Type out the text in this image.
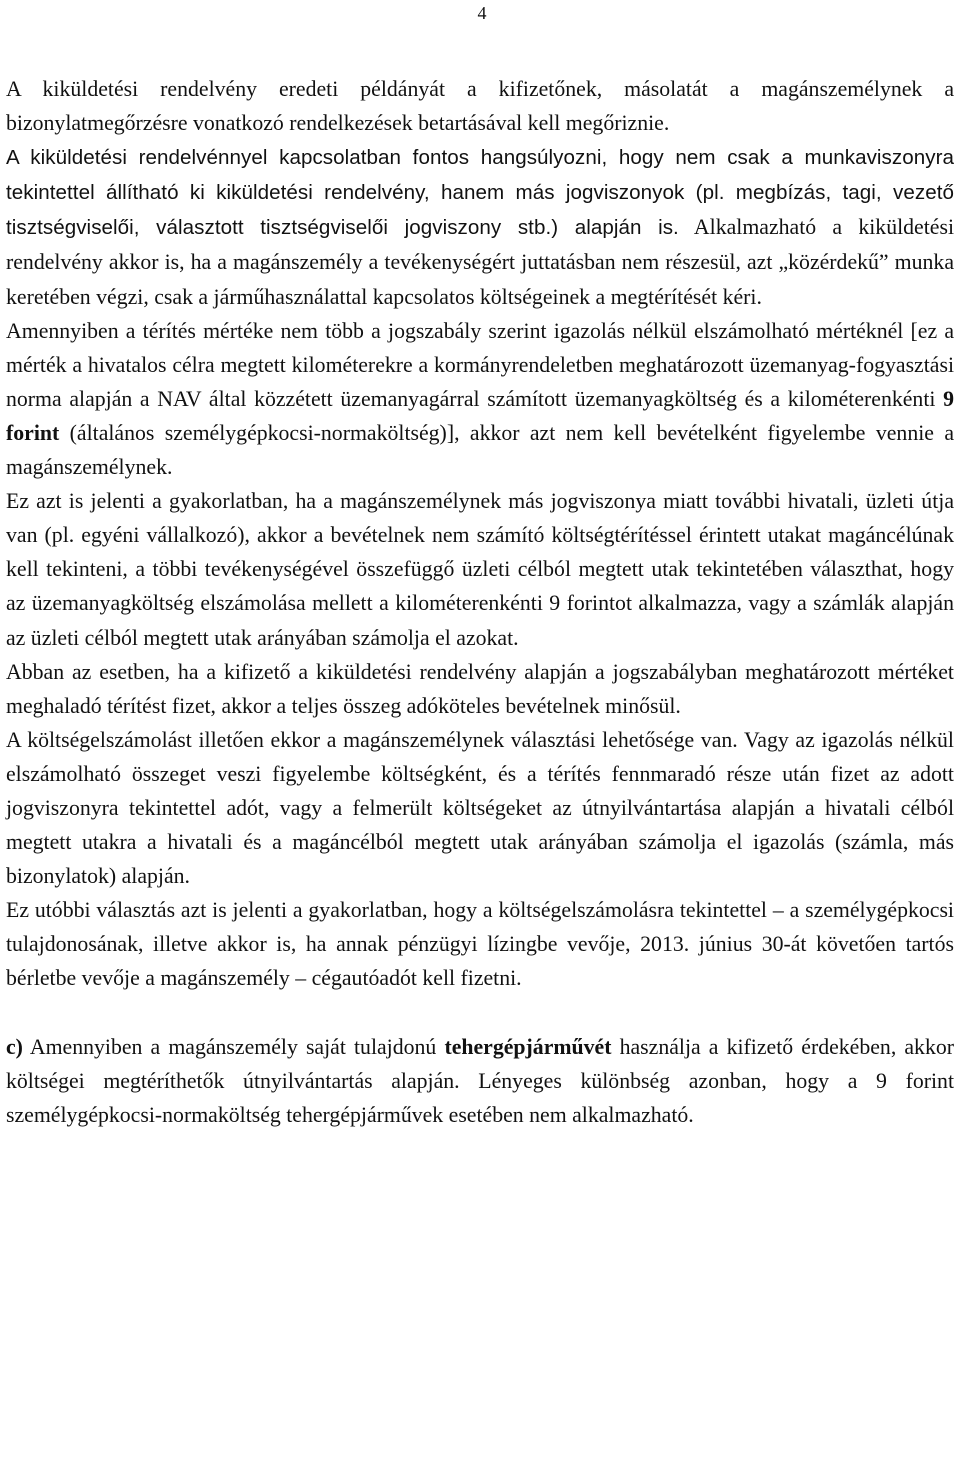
4

A kiküldetési rendelvény eredeti példányát a kifizetőnek, másolatát a magánszemélynek a bizonylatmegőrzésre vonatkozó rendelkezések betartásával kell megőriznie.

A kiküldetési rendelvénnyel kapcsolatban fontos hangsúlyozni, hogy nem csak a munkaviszonyra tekintettel állítható ki kiküldetési rendelvény, hanem más jogviszonyok (pl. megbízás, tagi, vezető tisztségviselői, választott tisztségviselői jogviszony stb.) alapján is. Alkalmazható a kiküldetési rendelvény akkor is, ha a magánszemély a tevékenységért juttatásban nem részesül, azt „közérdekű” munka keretében végzi, csak a járműhasználattal kapcsolatos költségeinek a megtérítését kéri.

Amennyiben a térítés mértéke nem több a jogszabály szerint igazolás nélkül elszámolható mértéknél [ez a mérték a hivatalos célra megtett kilométerekre a kormányrendeletben meghatározott üzemanyag-fogyasztási norma alapján a NAV által közzétett üzemanyagárral számított üzemanyagköltség és a kilométerenkénti 9 forint (általános személygépkocsi-normaköltség)], akkor azt nem kell bevételként figyelembe vennie a magánszemélynek.

Ez azt is jelenti a gyakorlatban, ha a magánszemélynek más jogviszonya miatt további hivatali, üzleti útja van (pl. egyéni vállalkozó), akkor a bevételnek nem számító költségtérítéssel érintett utakat magáncélúnak kell tekinteni, a többi tevékenységével összefüggő üzleti célból megtett utak tekintetében választhat, hogy az üzemanyagköltség elszámolása mellett a kilométerenkénti 9 forintot alkalmazza, vagy a számlák alapján az üzleti célból megtett utak arányában számolja el azokat.

Abban az esetben, ha a kifizető a kiküldetési rendelvény alapján a jogszabályban meghatározott mértéket meghaladó térítést fizet, akkor a teljes összeg adóköteles bevételnek minősül.

A költségelszámolást illetően ekkor a magánszemélynek választási lehetősége van. Vagy az igazolás nélkül elszámolható összeget veszi figyelembe költségként, és a térítés fennmaradó része után fizet az adott jogviszonyra tekintettel adót, vagy a felmerült költségeket az útnyilvántartása alapján a hivatali célból megtett utakra a hivatali és a magáncélból megtett utak arányában számolja el igazolás (számla, más bizonylatok) alapján.

Ez utóbbi választás azt is jelenti a gyakorlatban, hogy a költségelszámolásra tekintettel – a személygépkocsi tulajdonosának, illetve akkor is, ha annak pénzügyi lízingbe vevője, 2013. június 30-át követően tartós bérletbe vevője a magánszemély – cégautóadót kell fizetni.

c) Amennyiben a magánszemély saját tulajdonú tehergépjárművét használja a kifizető érdekében, akkor költségei megtéríthetők útnyilvántartás alapján. Lényeges különbség azonban, hogy a 9 forint személygépkocsi-normaköltség tehergépjárművek esetében nem alkalmazható.
